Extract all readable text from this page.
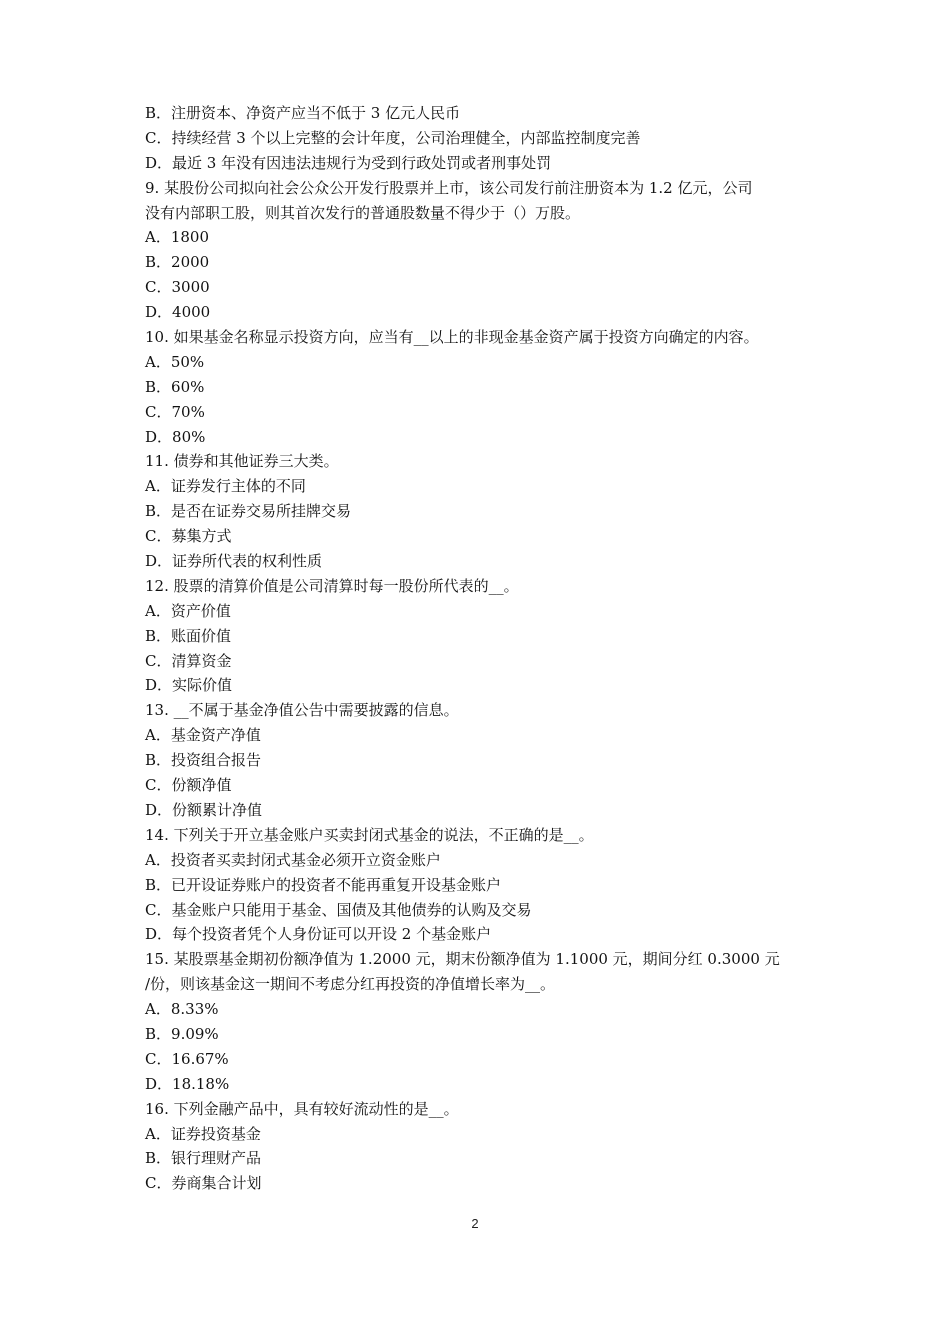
B．注册资本、净资产应当不低于 3 亿元人民币
C．持续经营 3 个以上完整的会计年度，公司治理健全，内部监控制度完善
D．最近 3 年没有因违法违规行为受到行政处罚或者刑事处罚
9. 某股份公司拟向社会公众公开发行股票并上市，该公司发行前注册资本为 1.2 亿元，公司
没有内部职工股，则其首次发行的普通股数量不得少于（）万股。
A．1800
B．2000
C．3000
D．4000
10. 如果基金名称显示投资方向，应当有__以上的非现金基金资产属于投资方向确定的内容。
A．50%
B．60%
C．70%
D．80%
11. 债券和其他证券三大类。
A．证券发行主体的不同
B．是否在证券交易所挂牌交易
C．募集方式
D．证券所代表的权利性质
12. 股票的清算价值是公司清算时每一股份所代表的__。
A．资产价值
B．账面价值
C．清算资金
D．实际价值
13. __不属于基金净值公告中需要披露的信息。
A．基金资产净值
B．投资组合报告
C．份额净值
D．份额累计净值
14. 下列关于开立基金账户买卖封闭式基金的说法，不正确的是__。
A．投资者买卖封闭式基金必须开立资金账户
B．已开设证券账户的投资者不能再重复开设基金账户
C．基金账户只能用于基金、国债及其他债券的认购及交易
D．每个投资者凭个人身份证可以开设 2 个基金账户
15. 某股票基金期初份额净值为 1.2000 元，期末份额净值为 1.1000 元，期间分红 0.3000 元
/份，则该基金这一期间不考虑分红再投资的净值增长率为__。
A．8.33%
B．9.09%
C．16.67%
D．18.18%
16. 下列金融产品中，具有较好流动性的是__。
A．证券投资基金
B．银行理财产品
C．券商集合计划
2
